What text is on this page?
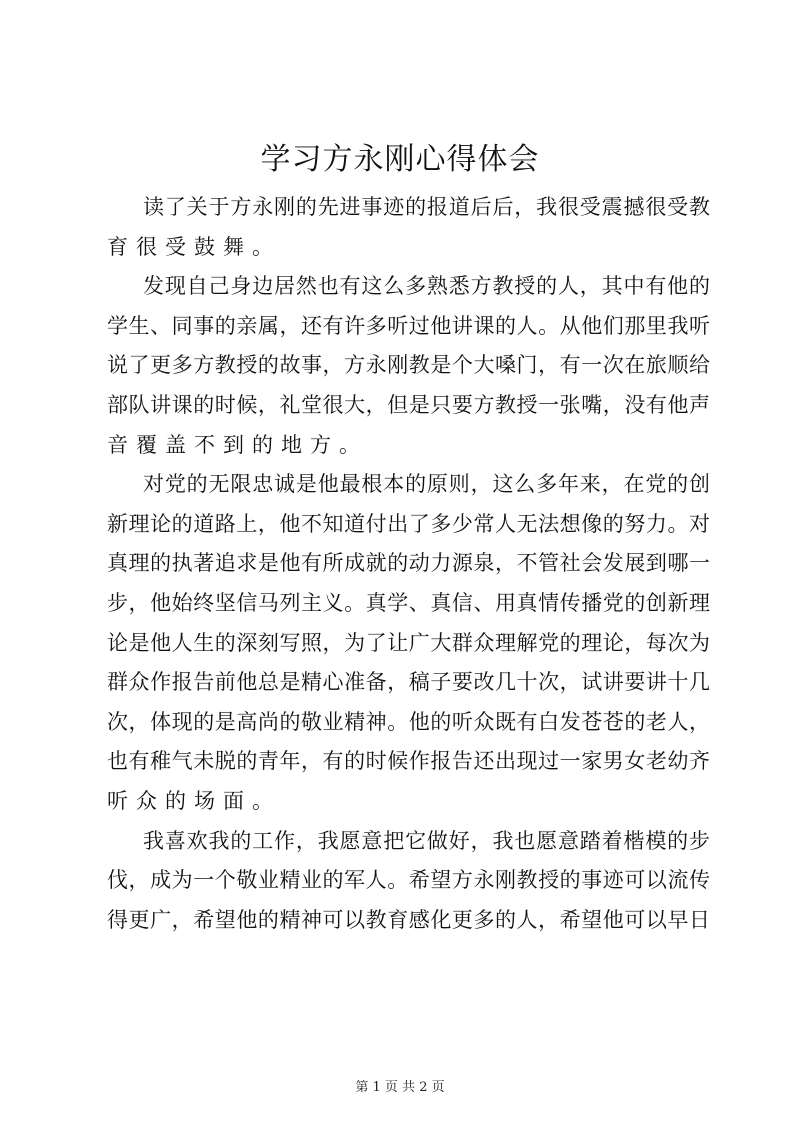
学习方永刚心得体会
读了关于方永刚的先进事迹的报道后后，我很受震撼很受教
育很受鼓舞。
发现自己身边居然也有这么多熟悉方教授的人，其中有他的
学生、同事的亲属，还有许多听过他讲课的人。从他们那里我听
说了更多方教授的故事，方永刚教是个大嗓门，有一次在旅顺给
部队讲课的时候，礼堂很大，但是只要方教授一张嘴，没有他声
音覆盖不到的地方。
对党的无限忠诚是他最根本的原则，这么多年来，在党的创
新理论的道路上，他不知道付出了多少常人无法想像的努力。对
真理的执著追求是他有所成就的动力源泉，不管社会发展到哪一
步，他始终坚信马列主义。真学、真信、用真情传播党的创新理
论是他人生的深刻写照，为了让广大群众理解党的理论，每次为
群众作报告前他总是精心准备，稿子要改几十次，试讲要讲十几
次，体现的是高尚的敬业精神。他的听众既有白发苍苍的老人，
也有稚气未脱的青年，有的时候作报告还出现过一家男女老幼齐
听众的场面。
我喜欢我的工作，我愿意把它做好，我也愿意踏着楷模的步
伐，成为一个敬业精业的军人。希望方永刚教授的事迹可以流传
得更广，希望他的精神可以教育感化更多的人，希望他可以早日
第 1 页 共 2 页
